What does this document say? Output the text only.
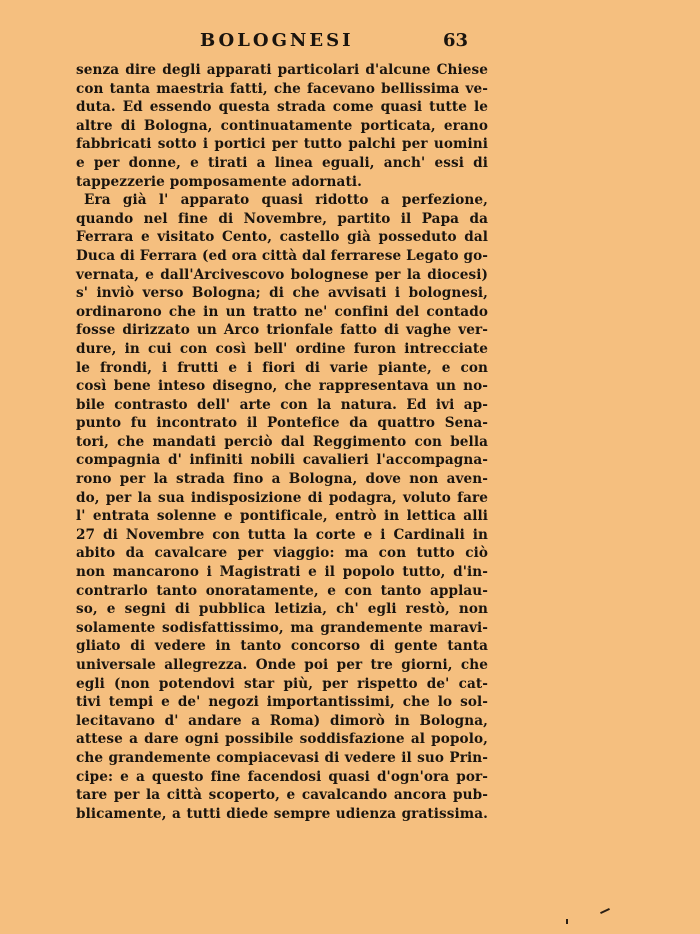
BOLOGNESI	63
senza dire degli apparati particolari d'alcune Chiese
con tanta maestria fatti, che facevano bellissima ve-
duta. Ed essendo questa strada come quasi tutte le
altre di Bologna, continuatamente porticata, erano
fabbricati sotto i portici per tutto palchi per uomini
e per donne, e tirati a linea eguali, anch' essi di
tappezzerie pomposamente adornati.
Era già l' apparato quasi ridotto a perfezione,
quando nel fine di Novembre, partito il Papa da
Ferrara e visitato Cento, castello già posseduto dal
Duca di Ferrara (ed ora città dal ferrarese Legato go-
vernata, e dall'Arcivescovo bolognese per la diocesi)
s' inviò verso Bologna; di che avvisati i bolognesi,
ordinarono che in un tratto ne' confini del contado
fosse dirizzato un Arco trionfale fatto di vaghe ver-
dure, in cui con così bell' ordine furon intrecciate
le frondi, i frutti e i fiori di varie piante, e con
così bene inteso disegno, che rappresentava un no-
bile contrasto dell' arte con la natura. Ed ivi ap-
punto fu incontrato il Pontefice da quattro Sena-
tori, che mandati perciò dal Reggimento con bella
compagnia d' infiniti nobili cavalieri l'accompagna-
rono per la strada fino a Bologna, dove non aven-
do, per la sua indisposizione di podagra, voluto fare
l' entrata solenne e pontificale, entrò in lettica alli
27 di Novembre con tutta la corte e i Cardinali in
abito da cavalcare per viaggio: ma con tutto ciò
non mancarono i Magistrati e il popolo tutto, d'in-
contrarlo tanto onoratamente, e con tanto applau-
so, e segni di pubblica letizia, ch' egli restò, non
solamente sodisfattissimo, ma grandemente maravi-
gliato di vedere in tanto concorso di gente tanta
universale allegrezza. Onde poi per tre giorni, che
egli (non potendovi star più, per rispetto de' cat-
tivi tempi e de' negozi importantissimi, che lo sol-
lecitavano d' andare a Roma) dimorò in Bologna,
attese a dare ogni possibile soddisfazione al popolo,
che grandemente compiacevasi di vedere il suo Prin-
cipe: e a questo fine facendosi quasi d'ogn'ora por-
tare per la città scoperto, e cavalcando ancora pub-
blicamente, a tutti diede sempre udienza gratissima.
